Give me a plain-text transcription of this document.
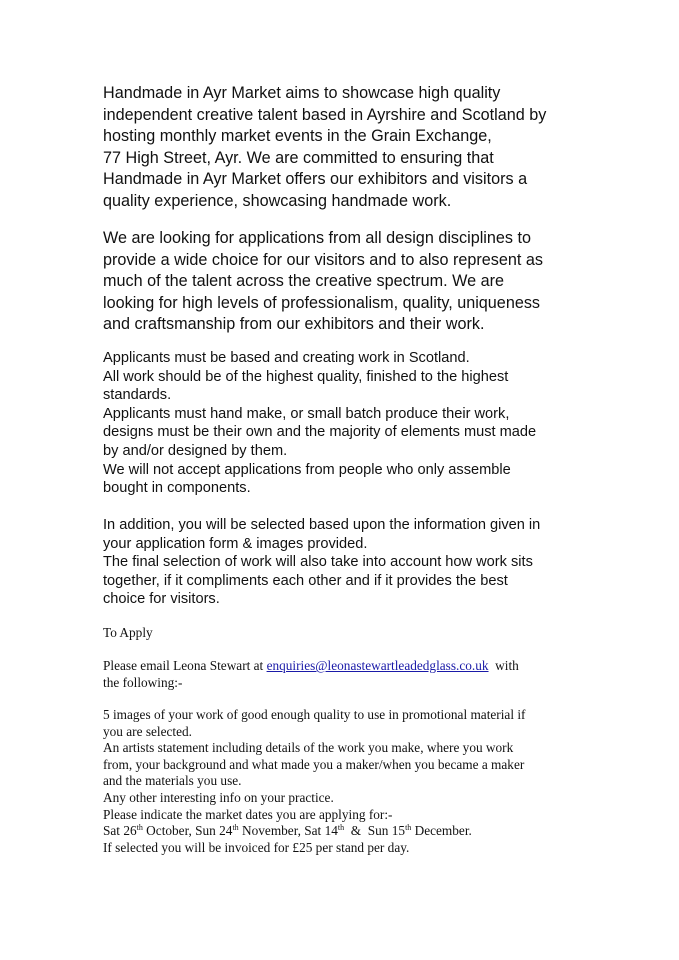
Handmade in Ayr Market aims to showcase high quality
independent creative talent based in Ayrshire and Scotland by
hosting monthly market events in the Grain Exchange,
77 High Street, Ayr. We are committed to ensuring that
Handmade in Ayr Market offers our exhibitors and visitors a
quality experience, showcasing handmade work.

We are looking for applications from all design disciplines to
provide a wide choice for our visitors and to also represent as
much of the talent across the creative spectrum. We are
looking for high levels of professionalism, quality, uniqueness
and craftsmanship from our exhibitors and their work.

Applicants must be based and creating work in Scotland.
All work should be of the highest quality, finished to the highest
standards.
Applicants must hand make, or small batch produce their work,
designs must be their own and the majority of elements must made
by and/or designed by them.
We will not accept applications from people who only assemble
bought in components.

In addition, you will be selected based upon the information given in
your application form & images provided.
The final selection of work will also take into account how work sits
together, if it compliments each other and if it provides the best
choice for visitors.

To Apply

Please email Leona Stewart at enquiries@leonastewartleadedglass.co.uk  with
the following:-

5 images of your work of good enough quality to use in promotional material if
you are selected.
An artists statement including details of the work you make, where you work
from, your background and what made you a maker/when you became a maker
and the materials you use.
Any other interesting info on your practice.
Please indicate the market dates you are applying for:-
Sat 26th October, Sun 24th November, Sat 14th  &  Sun 15th December.
If selected you will be invoiced for £25 per stand per day.
